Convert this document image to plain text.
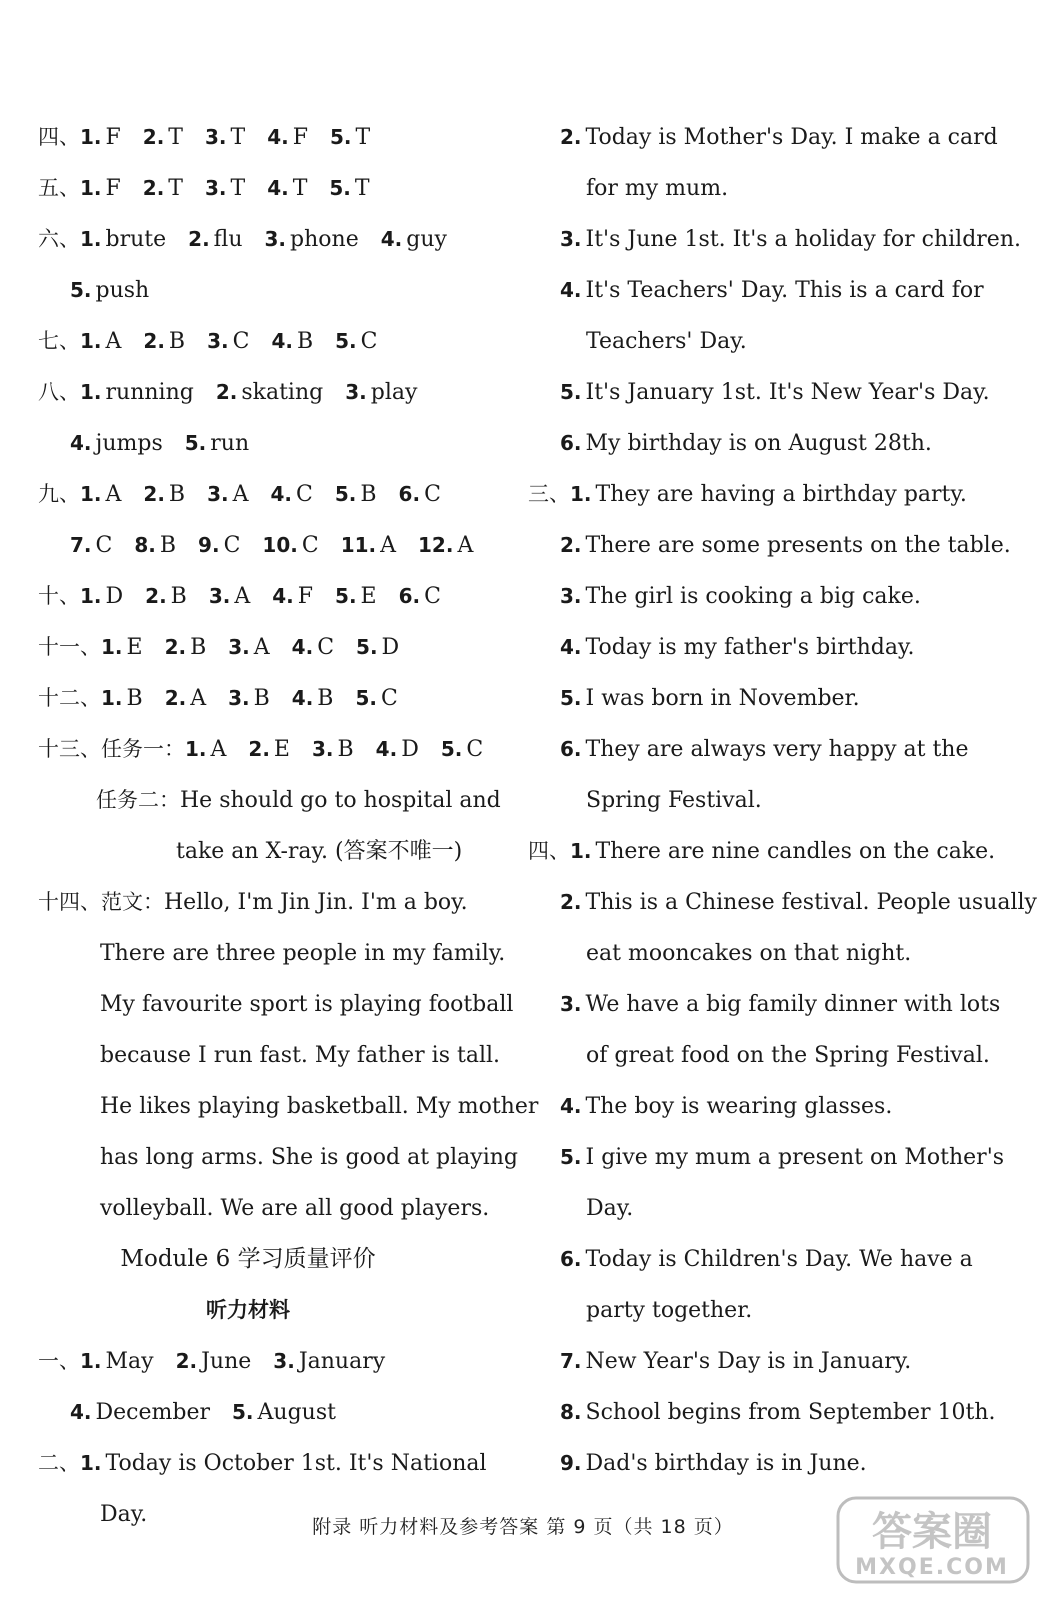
四、1. F 2. T 3. T 4. F 5. T
五、1. F 2. T 3. T 4. T 5. T
六、1. brute 2. flu 3. phone 4. guy
5. push
七、1. A 2. B 3. C 4. B 5. C
八、1. running 2. skating 3. play
4. jumps 5. run
九、1. A 2. B 3. A 4. C 5. B 6. C
7. C 8. B 9. C 10. C 11. A 12. A
十、1. D 2. B 3. A 4. F 5. E 6. C
十一、1. E 2. B 3. A 4. C 5. D
十二、1. B 2. A 3. B 4. B 5. C
十三、任务一：1. A 2. E 3. B 4. D 5. C
任务二：He should go to hospital and
take an X-ray. (答案不唯一)
十四、范文：Hello, I'm Jin Jin. I'm a boy.
There are three people in my family.
My favourite sport is playing football
because I run fast. My father is tall.
He likes playing basketball. My mother
has long arms. She is good at playing
volleyball. We are all good players.
Module 6 学习质量评价
听力材料
一、1. May 2. June 3. January
4. December 5. August
二、1. Today is October 1st. It's National
Day.
2. Today is Mother's Day. I make a card
for my mum.
3. It's June 1st. It's a holiday for children.
4. It's Teachers' Day. This is a card for
Teachers' Day.
5. It's January 1st. It's New Year's Day.
6. My birthday is on August 28th.
三、1. They are having a birthday party.
2. There are some presents on the table.
3. The girl is cooking a big cake.
4. Today is my father's birthday.
5. I was born in November.
6. They are always very happy at the
Spring Festival.
四、1. There are nine candles on the cake.
2. This is a Chinese festival. People usually
eat mooncakes on that night.
3. We have a big family dinner with lots
of great food on the Spring Festival.
4. The boy is wearing glasses.
5. I give my mum a present on Mother's
Day.
6. Today is Children's Day. We have a
party together.
7. New Year's Day is in January.
8. School begins from September 10th.
9. Dad's birthday is in June.
附录 听力材料及参考答案 第 9 页（共 18 页）	答案圈
MXQE.COM
